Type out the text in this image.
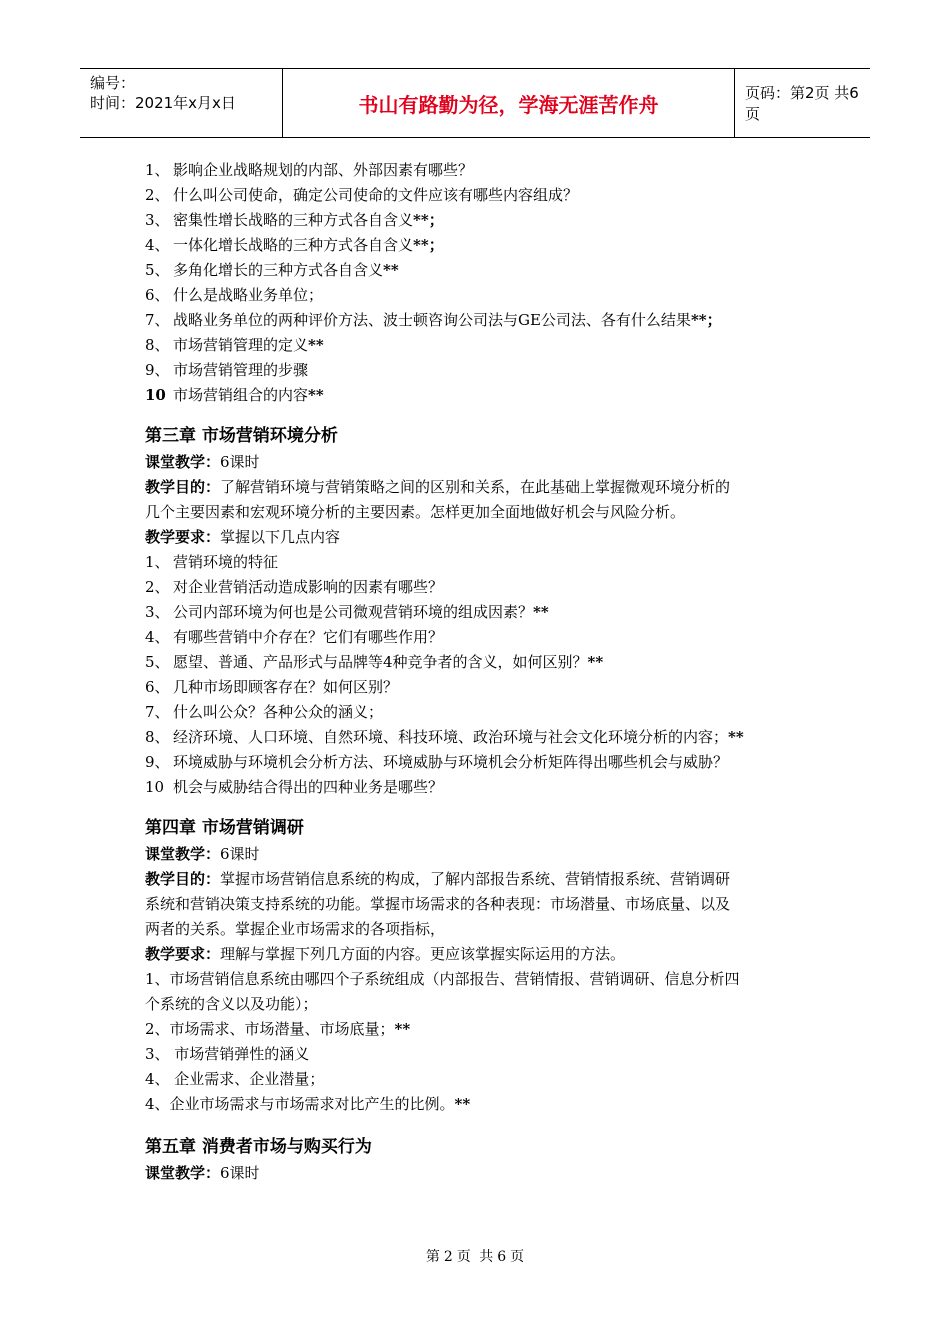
编号：
时间：2021年x月x日	书山有路勤为径，学海无涯苦作舟	页码：第2页 共6页
1、 影响企业战略规划的内部、外部因素有哪些？
2、 什么叫公司使命，确定公司使命的文件应该有哪些内容组成？
3、 密集性增长战略的三种方式各自含义**；
4、 一体化增长战略的三种方式各自含义**；
5、 多角化增长的三种方式各自含义**
6、 什么是战略业务单位；
7、 战略业务单位的两种评价方法、波士顿咨询公司法与GE公司法、各有什么结果**；
8、 市场营销管理的定义**
9、 市场营销管理的步骤
10 市场营销组合的内容**
第三章 市场营销环境分析
课堂教学：6课时
教学目的：了解营销环境与营销策略之间的区别和关系，在此基础上掌握微观环境分析的
几个主要因素和宏观环境分析的主要因素。怎样更加全面地做好机会与风险分析。
教学要求：掌握以下几点内容
1、 营销环境的特征
2、 对企业营销活动造成影响的因素有哪些？
3、 公司内部环境为何也是公司微观营销环境的组成因素？**
4、 有哪些营销中介存在？它们有哪些作用？
5、 愿望、普通、产品形式与品牌等4种竞争者的含义，如何区别？**
6、 几种市场即顾客存在？如何区别？
7、 什么叫公众？各种公众的涵义；
8、 经济环境、人口环境、自然环境、科技环境、政治环境与社会文化环境分析的内容；**
9、 环境威胁与环境机会分析方法、环境威胁与环境机会分析矩阵得出哪些机会与威胁？
10 机会与威胁结合得出的四种业务是哪些？
第四章 市场营销调研
课堂教学：6课时
教学目的：掌握市场营销信息系统的构成，了解内部报告系统、营销情报系统、营销调研
系统和营销决策支持系统的功能。掌握市场需求的各种表现：市场潜量、市场底量、以及
两者的关系。掌握企业市场需求的各项指标，
教学要求：理解与掌握下列几方面的内容。更应该掌握实际运用的方法。
1、市场营销信息系统由哪四个子系统组成（内部报告、营销情报、营销调研、信息分析四
个系统的含义以及功能）；
2、市场需求、市场潜量、市场底量；**
3、 市场营销弹性的涵义
4、 企业需求、企业潜量；
4、企业市场需求与市场需求对比产生的比例。**
第五章 消费者市场与购买行为
课堂教学：6课时
第 2 页 共 6 页
